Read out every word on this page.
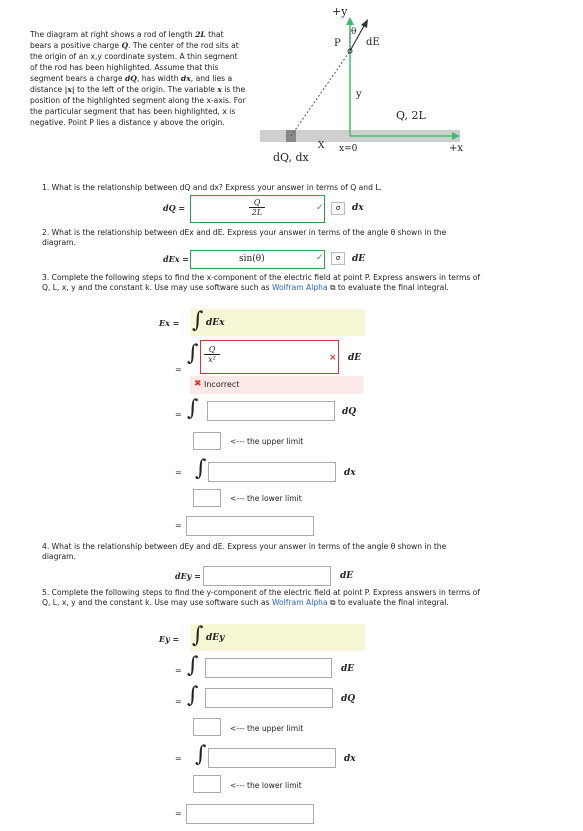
The diagram at right shows a rod of length 2L that bears a positive charge Q. The center of the rod sits at the origin of an x,y coordinate system. A thin segment of the rod has been highlighted. Assume that this segment bears a charge dQ, has width dx, and lies a distance |x| to the left of the origin. The variable x is the position of the highlighted segment along the x-axis. For the particular segment that has been highlighted, x is negative. Point P lies a distance y above the origin.
+y
P
θ
dE
y
Q, 2L
+x
X x=0
dQ, dx
1. What is the relationship between dQ and dx? Express your answer in terms of Q and L.
dQ =	$\frac{Q}{2L}$	✓	σ	dx
2. What is the relationship between dEx and dE. Express your answer in terms of the angle θ shown in the diagram.
dEx =	sin(θ)	✓	σ	dE
3. Complete the following steps to find the x-component of the electric field at point P. Express answers in terms of Q, L, x, y and the constant k. Use may use software such as Wolfram Alpha ⧉ to evaluate the final integral.
Ex = ∫ dEx
=
∫ $\frac{Q}{\text{x²}}$	× dE
✖ Incorrect
= ∫	dQ
<--- the upper limit
= ∫	dx
<--- the lower limit
=
4. What is the relationship between dEy and dE. Express your answer in terms of the angle θ shown in the diagram.
dEy =	dE
5. Complete the following steps to find the y-component of the electric field at point P. Express answers in terms of Q, L, x, y and the constant k. Use may use software such as Wolfram Alpha ⧉ to evaluate the final integral.
Ey = ∫ dEy
= ∫	dE
= ∫	dQ
<--- the upper limit
= ∫	dx
<--- the lower limit
=
